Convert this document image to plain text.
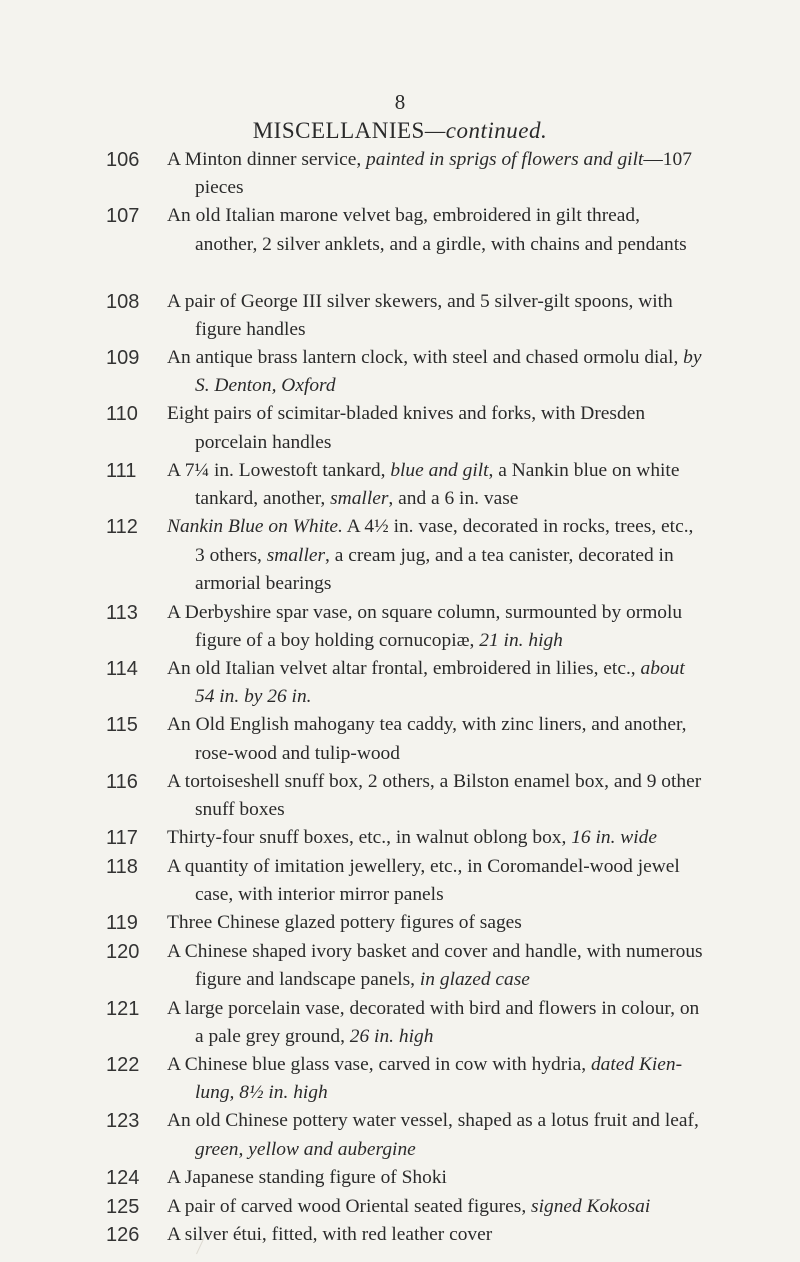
8
MISCELLANIES—continued.
106	A Minton dinner service, painted in sprigs of flowers and gilt—107 pieces
107	An old Italian marone velvet bag, embroidered in gilt thread, another, 2 silver anklets, and a girdle, with chains and pendants
108	A pair of George III silver skewers, and 5 silver-gilt spoons, with figure handles
109	An antique brass lantern clock, with steel and chased ormolu dial, by S. Denton, Oxford
110	Eight pairs of scimitar-bladed knives and forks, with Dresden porcelain handles
111	A 7¼ in. Lowestoft tankard, blue and gilt, a Nankin blue on white tankard, another, smaller, and a 6 in. vase
112	Nankin Blue on White. A 4½ in. vase, decorated in rocks, trees, etc., 3 others, smaller, a cream jug, and a tea canister, decorated in armorial bearings
113	A Derbyshire spar vase, on square column, surmounted by ormolu figure of a boy holding cornucopiæ, 21 in. high
114	An old Italian velvet altar frontal, embroidered in lilies, etc., about 54 in. by 26 in.
115	An Old English mahogany tea caddy, with zinc liners, and another, rose-wood and tulip-wood
116	A tortoiseshell snuff box, 2 others, a Bilston enamel box, and 9 other snuff boxes
117	Thirty-four snuff boxes, etc., in walnut oblong box, 16 in. wide
118	A quantity of imitation jewellery, etc., in Coromandel-wood jewel case, with interior mirror panels
119	Three Chinese glazed pottery figures of sages
120	A Chinese shaped ivory basket and cover and handle, with numerous figure and landscape panels, in glazed case
121	A large porcelain vase, decorated with bird and flowers in colour, on a pale grey ground, 26 in. high
122	A Chinese blue glass vase, carved in cow with hydria, dated Kien-lung, 8½ in. high
123	An old Chinese pottery water vessel, shaped as a lotus fruit and leaf, green, yellow and aubergine
124	A Japanese standing figure of Shoki
125	A pair of carved wood Oriental seated figures, signed Kokosai
126	A silver étui, fitted, with red leather cover
